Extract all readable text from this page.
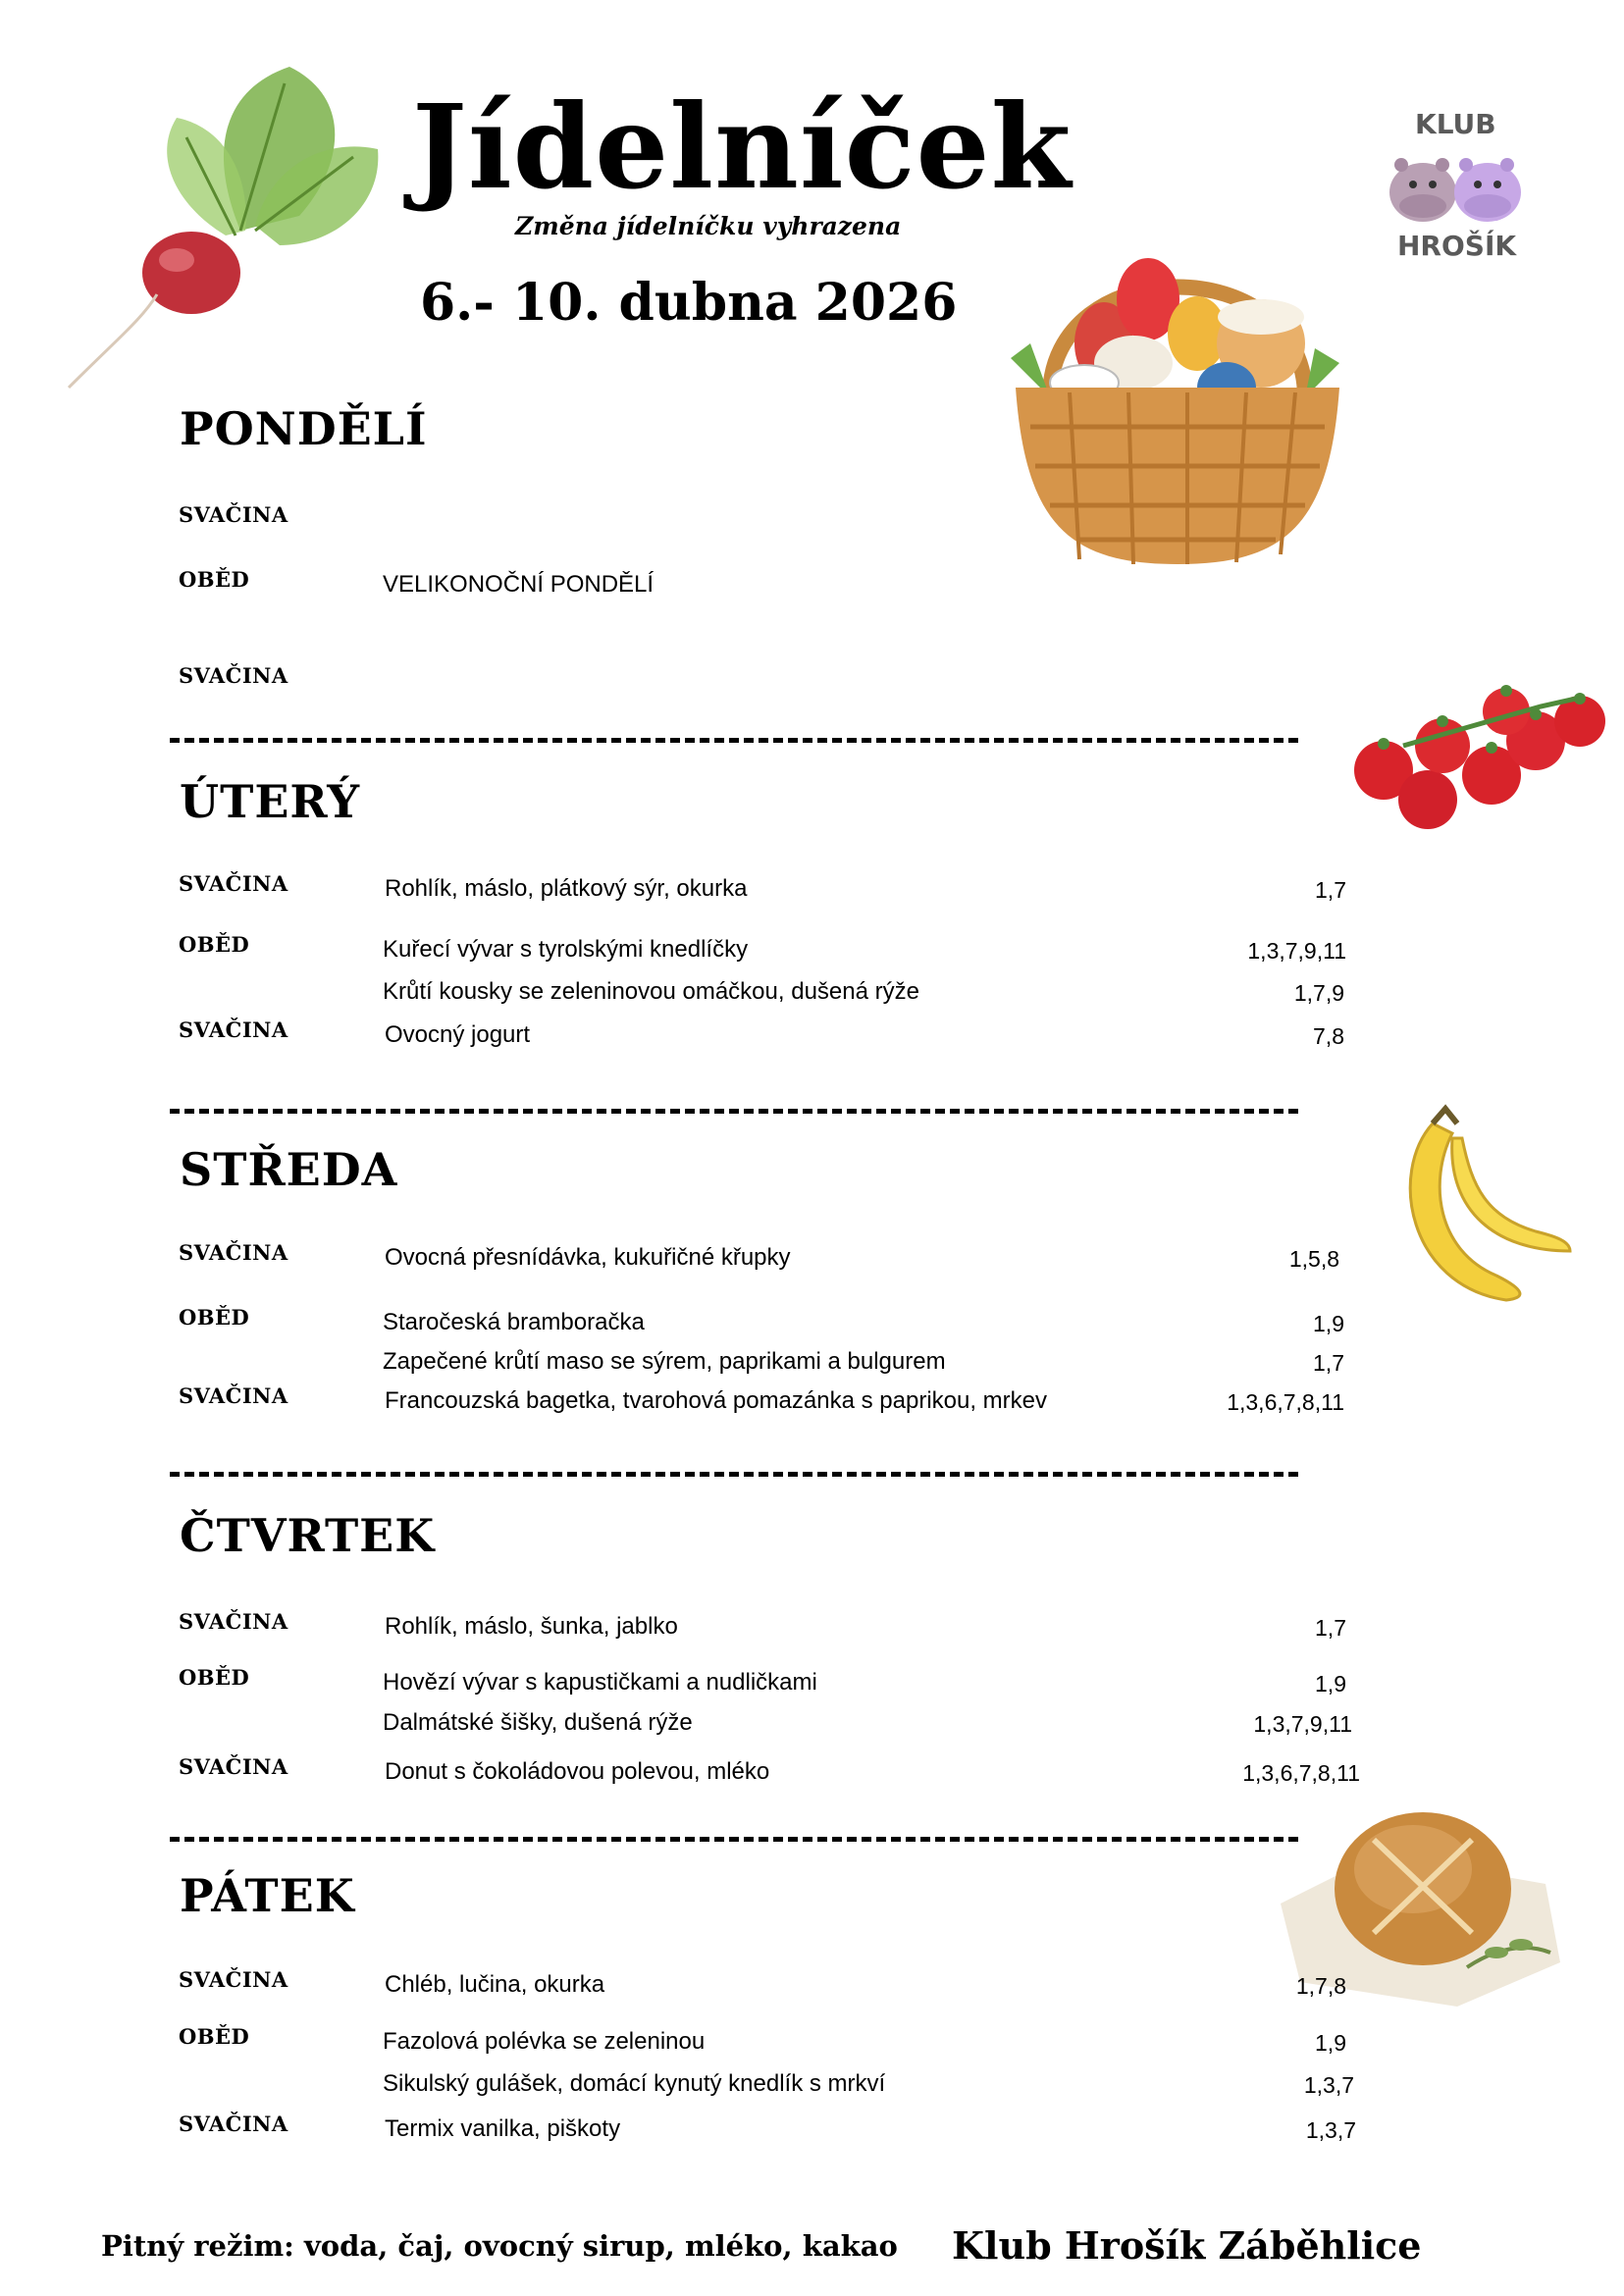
Jídelníček
Změna jídelníčku vyhrazena
6.- 10. dubna 2026
KLUB
HROŠÍK
PONDĚLÍ
SVAČINA
OBĚD	VELIKONOČNÍ PONDĚLÍ
SVAČINA
ÚTERÝ
SVAČINA	Rohlík, máslo, plátkový sýr, okurka	1,7
OBĚD	Kuřecí vývar s tyrolskými knedlíčky	1,3,7,9,11
Krůtí kousky se zeleninovou omáčkou, dušená rýže	1,7,9
SVAČINA	Ovocný jogurt	7,8
STŘEDA
SVAČINA	Ovocná přesnídávka, kukuřičné křupky	1,5,8
OBĚD	Staročeská bramboračka	1,9
Zapečené krůtí maso se sýrem, paprikami a bulgurem	1,7
SVAČINA	Francouzská bagetka, tvarohová pomazánka s paprikou, mrkev	1,3,6,7,8,11
ČTVRTEK
SVAČINA	Rohlík, máslo, šunka, jablko	1,7
OBĚD	Hovězí vývar s kapustičkami a nudličkami	1,9
Dalmátské šišky, dušená rýže	1,3,7,9,11
SVAČINA	Donut s čokoládovou polevou, mléko	1,3,6,7,8,11
PÁTEK
SVAČINA	Chléb, lučina, okurka	1,7,8
OBĚD	Fazolová polévka se zeleninou	1,9
Sikulský gulášek, domácí kynutý knedlík s mrkví	1,3,7
SVAČINA	Termix vanilka, piškoty	1,3,7
Pitný režim: voda, čaj, ovocný sirup, mléko, kakao Klub Hrošík Záběhlice
